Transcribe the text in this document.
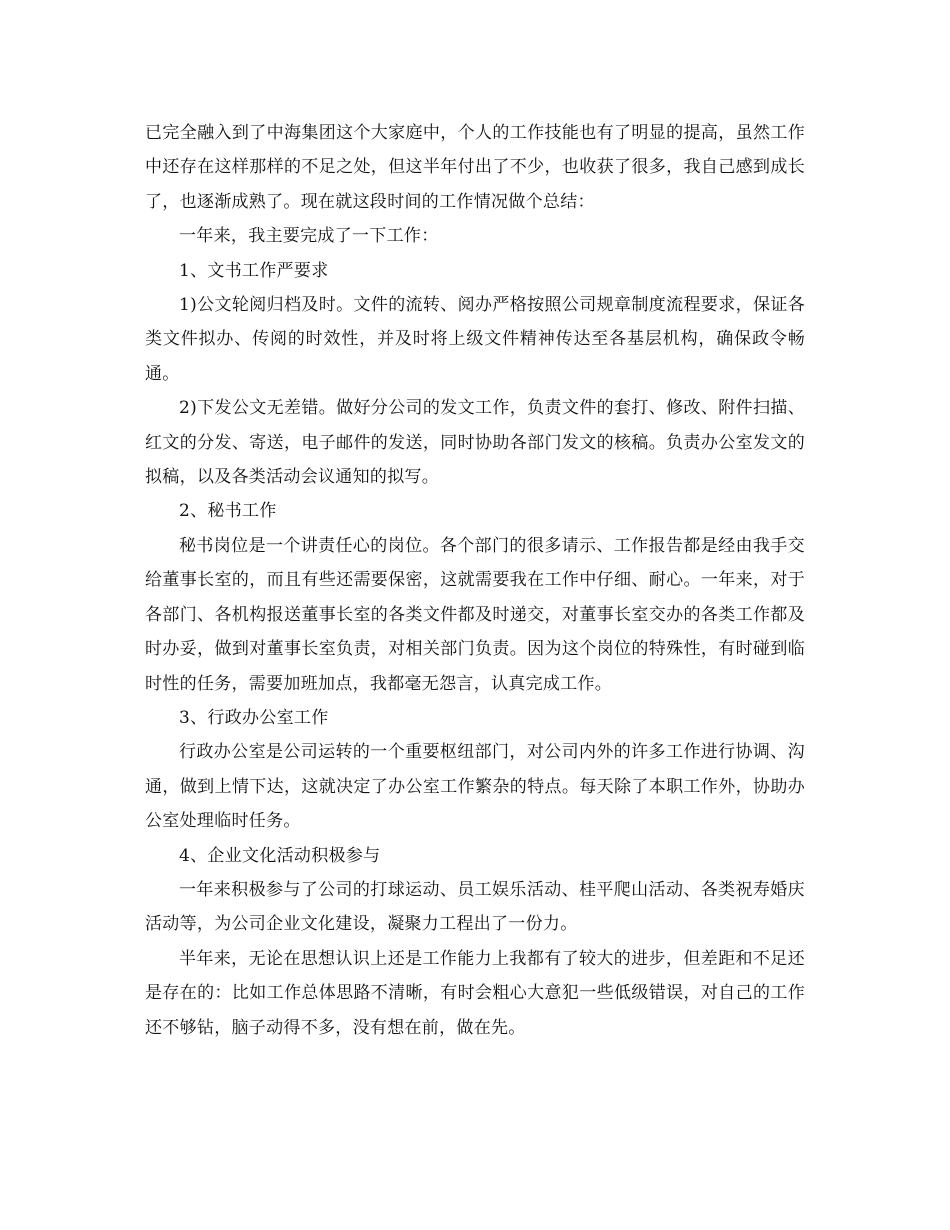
已完全融入到了中海集团这个大家庭中，个人的工作技能也有了明显的提高，虽然工作中还存在这样那样的不足之处，但这半年付出了不少，也收获了很多，我自己感到成长了，也逐渐成熟了。现在就这段时间的工作情况做个总结：

一年来，我主要完成了一下工作：

1、文书工作严要求

1)公文轮阅归档及时。文件的流转、阅办严格按照公司规章制度流程要求，保证各类文件拟办、传阅的时效性，并及时将上级文件精神传达至各基层机构，确保政令畅通。

2)下发公文无差错。做好分公司的发文工作，负责文件的套打、修改、附件扫描、红文的分发、寄送，电子邮件的发送，同时协助各部门发文的核稿。负责办公室发文的拟稿，以及各类活动会议通知的拟写。

2、秘书工作

秘书岗位是一个讲责任心的岗位。各个部门的很多请示、工作报告都是经由我手交给董事长室的，而且有些还需要保密，这就需要我在工作中仔细、耐心。一年来，对于各部门、各机构报送董事长室的各类文件都及时递交，对董事长室交办的各类工作都及时办妥，做到对董事长室负责，对相关部门负责。因为这个岗位的特殊性，有时碰到临时性的任务，需要加班加点，我都毫无怨言，认真完成工作。

3、行政办公室工作

行政办公室是公司运转的一个重要枢纽部门，对公司内外的许多工作进行协调、沟通，做到上情下达，这就决定了办公室工作繁杂的特点。每天除了本职工作外，协助办公室处理临时任务。

4、企业文化活动积极参与

一年来积极参与了公司的打球运动、员工娱乐活动、桂平爬山活动、各类祝寿婚庆活动等，为公司企业文化建设，凝聚力工程出了一份力。

半年来，无论在思想认识上还是工作能力上我都有了较大的进步，但差距和不足还是存在的：比如工作总体思路不清晰，有时会粗心大意犯一些低级错误，对自己的工作还不够钻，脑子动得不多，没有想在前，做在先。
